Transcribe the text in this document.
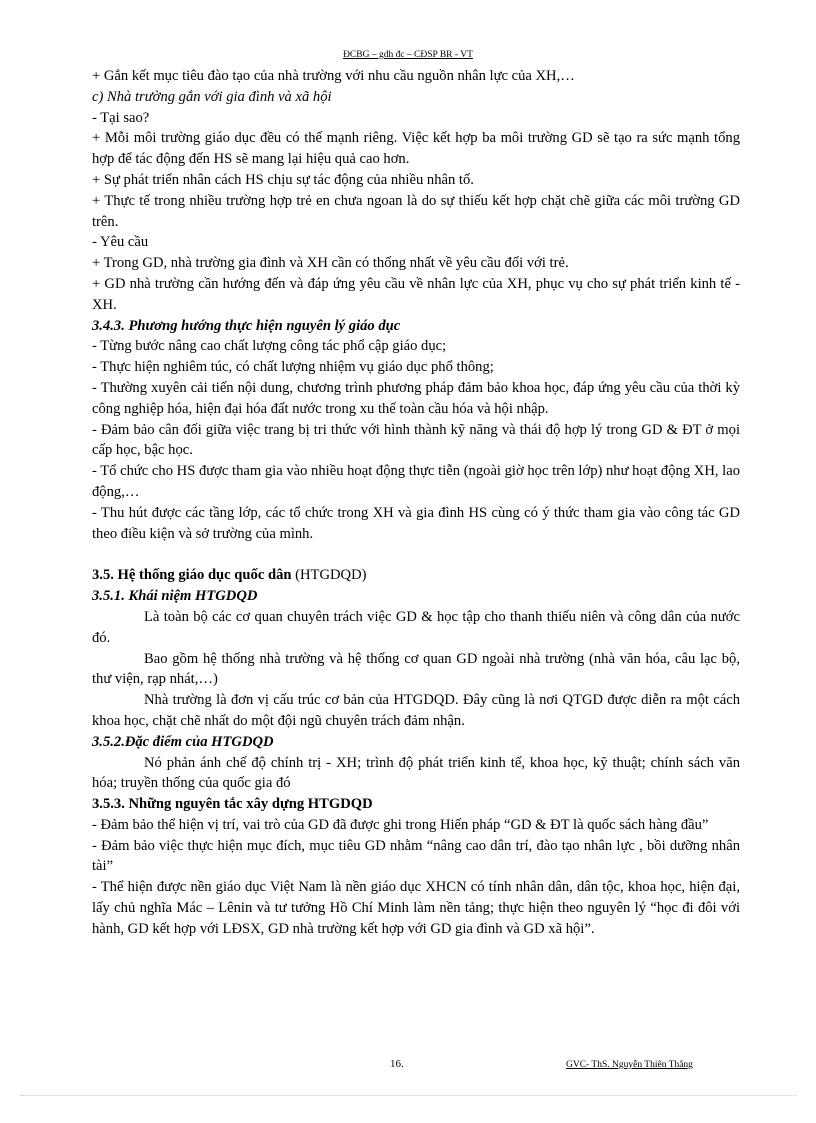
ĐCBG – gdh đc – CĐSP BR - VT

+ Gắn kết mục tiêu đào tạo của nhà trường với nhu cầu nguồn nhân lực của XH,…

c) Nhà trường gắn với gia đình và xã hội

- Tại sao?

+ Mỗi môi trường giáo dục đều có thế mạnh riêng. Việc kết hợp ba môi trường GD sẽ tạo ra sức mạnh tổng hợp để tác động đến HS sẽ mang lại hiệu quả cao hơn.

+ Sự phát triển nhân cách HS chịu sự tác động của nhiều nhân tố.

+ Thực tế trong nhiều trường hợp trẻ en chưa ngoan là do sự thiếu kết hợp chặt chẽ giữa các môi trường GD trên.

- Yêu cầu

+ Trong GD, nhà trường gia đình và XH cần có thống nhất về yêu cầu đối với trẻ.

+ GD nhà trường cần hướng đến và đáp ứng yêu cầu về nhân lực của XH, phục vụ cho sự phát triển kinh tế - XH.

3.4.3. Phương hướng thực hiện nguyên lý giáo dục

- Từng bước nâng cao chất lượng công tác phổ cập giáo dục;

- Thực hiện nghiêm túc, có chất lượng nhiệm vụ giáo dục phổ thông;

- Thường xuyên cải tiến nội dung, chương trình phương pháp đảm bảo khoa học, đáp ứng yêu cầu của thời kỳ công nghiệp hóa, hiện đại hóa đất nước trong xu thế toàn cầu hóa và hội nhập.

- Đảm bảo cân đối giữa việc trang bị tri thức với hình thành kỹ năng và thái độ hợp lý trong GD & ĐT ở mọi cấp học, bậc học.

- Tổ chức cho HS được tham gia vào nhiều hoạt động thực tiễn (ngoài giờ học trên lớp) như hoạt động XH, lao động,…

- Thu hút được các tầng lớp, các tổ chức trong XH và gia đình HS cùng có ý thức tham gia vào công tác GD theo điều kiện và sở trường của mình.

3.5. Hệ thống giáo dục quốc dân (HTGDQD)

3.5.1. Khái niệm HTGDQD

Là toàn bộ các cơ quan chuyên trách việc GD & học tập cho thanh thiếu niên và công dân của nước đó.

Bao gồm hệ thống nhà trường và hệ thống cơ quan GD ngoài nhà trường (nhà văn hóa, câu lạc bộ, thư viện, rạp nhát,…)

Nhà trường là đơn vị cấu trúc cơ bản của HTGDQD. Đây cũng là nơi QTGD được diễn ra một cách khoa học, chặt chẽ nhất do một đội ngũ chuyên trách đảm nhận.

3.5.2.Đặc điểm của HTGDQD

Nó phản ánh chế độ chính trị - XH; trình độ phát triển kinh tế, khoa học, kỹ thuật; chính sách văn hóa; truyền thống của quốc gia đó

3.5.3. Những nguyên tắc xây dựng HTGDQD

- Đảm bảo thể hiện vị trí, vai trò của GD đã được ghi trong Hiến pháp “GD & ĐT là quốc sách hàng đầu”

- Đảm bảo việc thực hiện mục đích, mục tiêu GD nhằm “nâng cao dân trí, đào tạo nhân lực , bồi dưỡng nhân tài”

- Thể hiện được nền giáo dục Việt Nam là nền giáo dục XHCN có tính nhân dân, dân tộc, khoa học, hiện đại, lấy chủ nghĩa Mác – Lênin và tư tưởng Hồ Chí Minh làm nền tảng; thực hiện theo nguyên lý “học đi đôi với hành, GD kết hợp với LĐSX, GD nhà trường kết hợp với GD gia đình và GD xã hội”.

16.	GVC- ThS. Nguyễn Thiên Thắng
